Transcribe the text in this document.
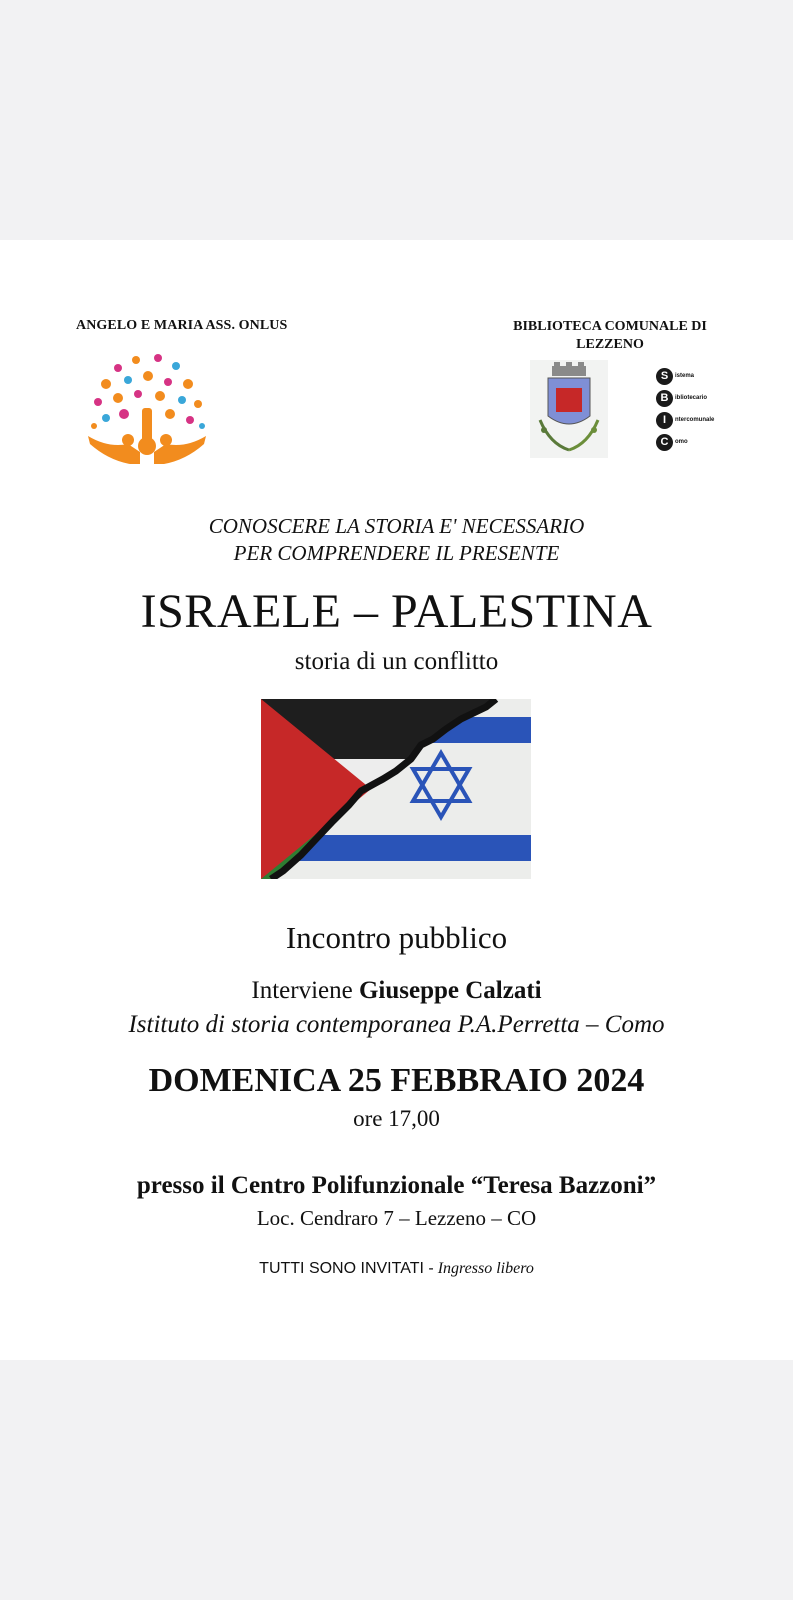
ANGELO E MARIA ASS. ONLUS	BIBLIOTECA COMUNALE DI
LEZZENO
S	istema
B	ibliotecario
I	ntercomunale
C	omo
CONOSCERE LA STORIA E' NECESSARIO
PER COMPRENDERE IL PRESENTE
ISRAELE – PALESTINA
storia di un conflitto
Incontro pubblico
Interviene Giuseppe Calzati
Istituto di storia contemporanea P.A.Perretta – Como
DOMENICA 25 FEBBRAIO 2024
ore 17,00
presso il Centro Polifunzionale “Teresa Bazzoni”
Loc. Cendraro 7 – Lezzeno – CO
TUTTI SONO INVITATI - Ingresso libero
